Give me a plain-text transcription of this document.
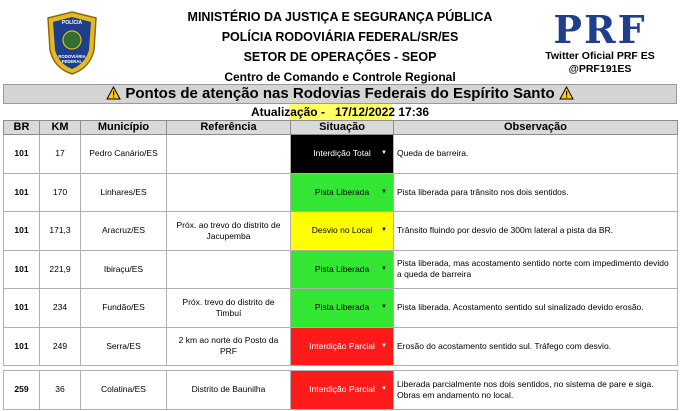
POLÍCIA
RODOVIÁRIA
FEDERAL
MINISTÉRIO DA JUSTIÇA E SEGURANÇA PÚBLICA
POLÍCIA RODOVIÁRIA FEDERAL/SR/ES
SETOR DE OPERAÇÕES - SEOP
Centro de Comando e Controle Regional
PRF
Twitter Oficial PRF ES
@PRF191ES
Pontos de atenção nas Rodovias Federais do Espírito Santo
Atualização - 17/12/2022 17:36
BR	KM	Município	Referência	Situação	Observação
101	17	Pedro Canário/ES		Interdição Total ▼	Queda de barreira.
101	170	Linhares/ES		Pista Liberada ▼	Pista liberada para trânsito nos dois sentidos.
101	171,3	Aracruz/ES	Próx. ao trevo do distrito de Jacupemba	Desvio no Local ▼	Trânsito fluindo por desvio de 300m lateral a pista da BR.
101	221,9	Ibiraçu/ES		Pista Liberada ▼	Pista liberada, mas acostamento sentido norte com impedimento devido a queda de barreira
101	234	Fundão/ES	Próx. trevo do distrito de Timbuí	Pista Liberada ▼	Pista liberada. Acostamento sentido sul sinalizado devido erosão.
101	249	Serra/ES	2 km ao norte do Posto da PRF	Interdição Parcial ▼	Erosão do acostamento sentido sul. Tráfego com desvio.

259	36	Colatina/ES	Distrito de Baunilha	Interdição Parcial ▼	Liberada parcialmente nos dois sentidos, no sistema de pare e siga. Obras em andamento no local.
